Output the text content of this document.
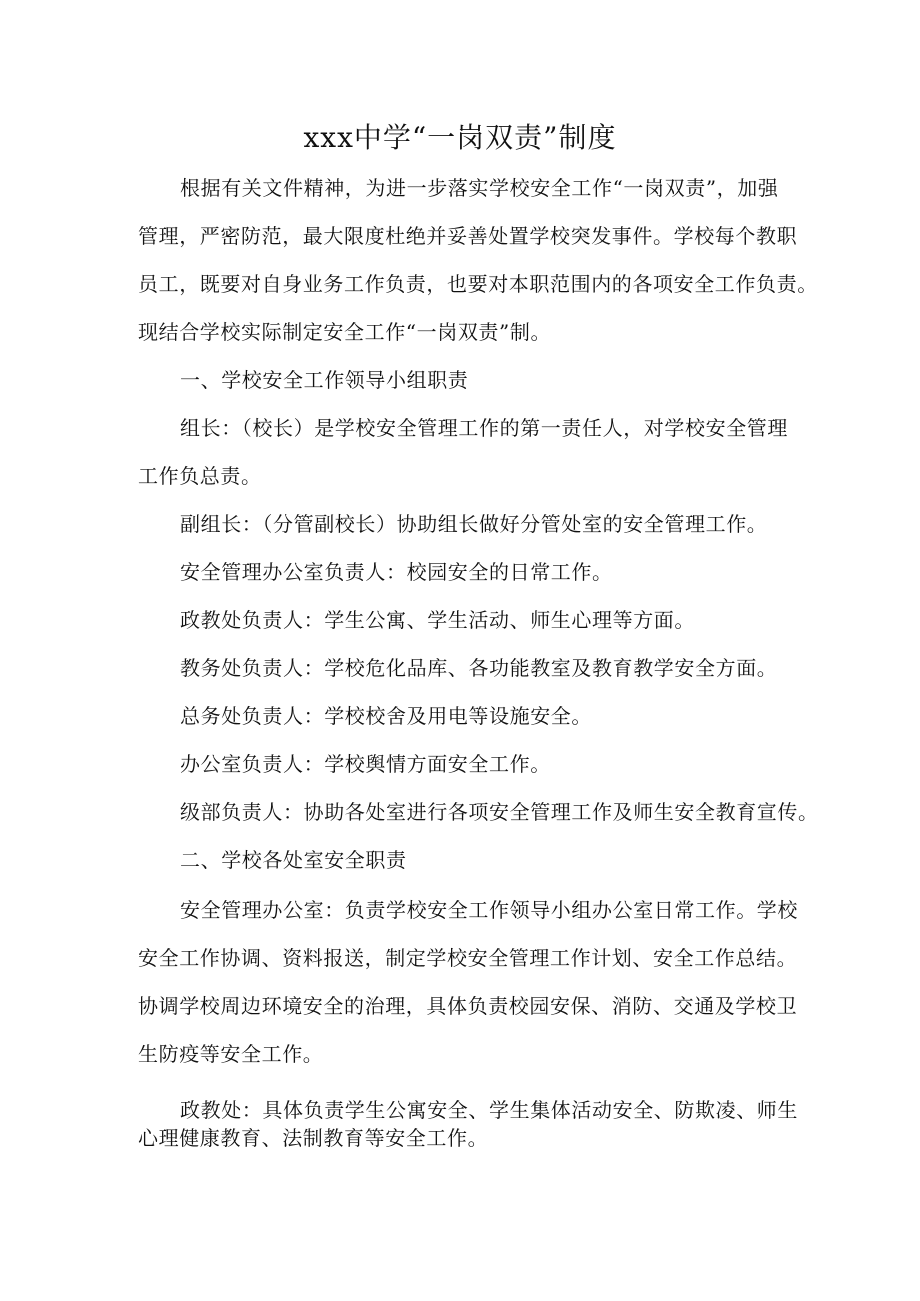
xxx中学“一岗双责”制度
根据有关文件精神，为进一步落实学校安全工作“一岗双责”，加强
管理，严密防范，最大限度杜绝并妥善处置学校突发事件。学校每个教职
员工，既要对自身业务工作负责，也要对本职范围内的各项安全工作负责。
现结合学校实际制定安全工作“一岗双责”制。
一、学校安全工作领导小组职责
组长：（校长）是学校安全管理工作的第一责任人，对学校安全管理
工作负总责。
副组长：（分管副校长）协助组长做好分管处室的安全管理工作。
安全管理办公室负责人：校园安全的日常工作。
政教处负责人：学生公寓、学生活动、师生心理等方面。
教务处负责人：学校危化品库、各功能教室及教育教学安全方面。
总务处负责人：学校校舍及用电等设施安全。
办公室负责人：学校舆情方面安全工作。
级部负责人：协助各处室进行各项安全管理工作及师生安全教育宣传。
二、学校各处室安全职责
安全管理办公室：负责学校安全工作领导小组办公室日常工作。学校
安全工作协调、资料报送，制定学校安全管理工作计划、安全工作总结。
协调学校周边环境安全的治理，具体负责校园安保、消防、交通及学校卫
生防疫等安全工作。
政教处：具体负责学生公寓安全、学生集体活动安全、防欺凌、师生
心理健康教育、法制教育等安全工作。
